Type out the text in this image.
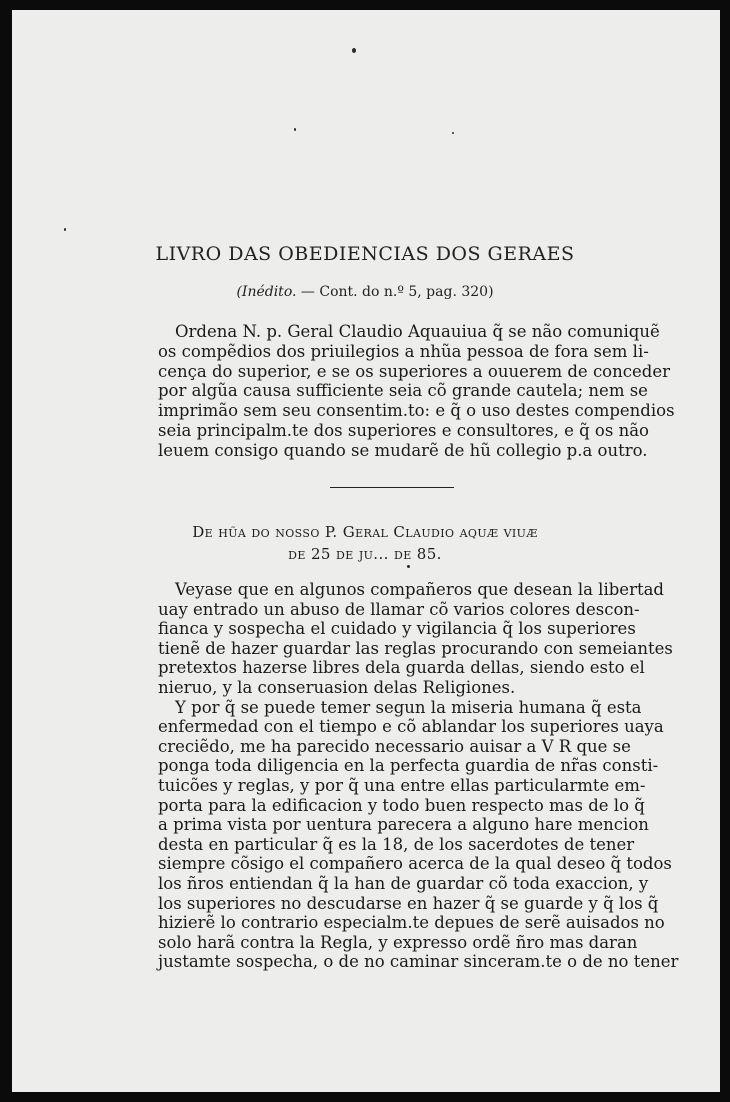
LIVRO DAS OBEDIENCIAS DOS GERAES
(Inédito. — Cont. do n.º 5, pag. 320)
Ordena N. p. Geral Claudio Aquauiua q̃ se não comuniquẽ
os compẽdios dos priuilegios a nhũa pessoa de fora sem li-
cença do superior, e se os superiores a ouuerem de conceder
por algũa causa sufficiente seia cõ grande cautela; nem se
imprimão sem seu consentim.to: e q̃ o uso destes compendios
seia principalm.te dos superiores e consultores, e q̃ os não
leuem consigo quando se mudarẽ de hũ collegio p.a outro.
De hũa do nosso P. Geral Claudio aquæ viuæ
de 25 de ju... de 85.
Veyase que en algunos compañeros que desean la libertad
uay entrado un abuso de llamar cõ varios colores descon-
fianca y sospecha el cuidado y vigilancia q̃ los superiores
tienẽ de hazer guardar las reglas procurando con semeiantes
pretextos hazerse libres dela guarda dellas, siendo esto el
nieruo, y la conseruasion delas Religiones.
Y por q̃ se puede temer segun la miseria humana q̃ esta
enfermedad con el tiempo e cõ ablandar los superiores uaya
creciẽdo, me ha parecido necessario auisar a V R que se
ponga toda diligencia en la perfecta guardia de nr̃as consti-
tuicões y reglas, y por q̃ una entre ellas particularmte em-
porta para la edificacion y todo buen respecto mas de lo q̃
a prima vista por uentura parecera a alguno hare mencion
desta en particular q̃ es la 18, de los sacerdotes de tener
siempre cõsigo el compañero acerca de la qual deseo q̃ todos
los ñros entiendan q̃ la han de guardar cõ toda exaccion, y
los superiores no descudarse en hazer q̃ se guarde y q̃ los q̃
hizierẽ lo contrario especialm.te depues de serẽ auisados no
solo harã contra la Regla, y expresso ordẽ ñro mas daran
justamte sospecha, o de no caminar sinceram.te o de no tener
